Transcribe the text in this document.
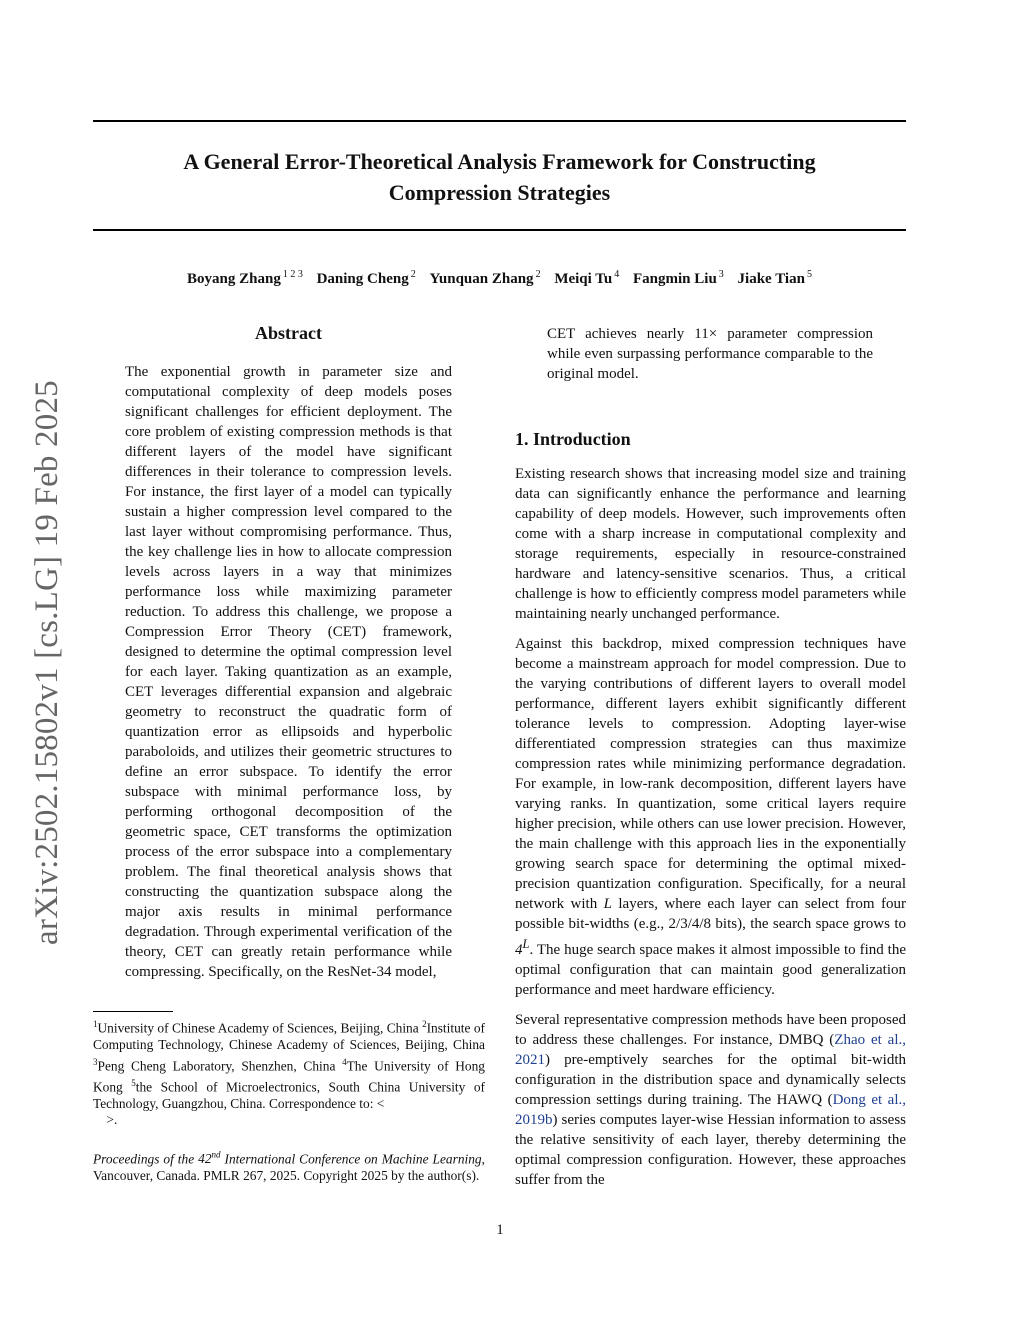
A General Error-Theoretical Analysis Framework for Constructing
Compression Strategies
Boyang Zhang $^{1 2 3}$ Daning Cheng $^2$ Yunquan Zhang $^2$ Meiqi Tu $^4$ Fangmin Liu $^3$ Jiake Tian $^5$
arXiv:2502.15802v1 [cs.LG] 19 Feb 2025
Abstract

The exponential growth in parameter size and computational complexity of deep models poses significant challenges for efficient deployment. The core problem of existing compression methods is that different layers of the model have significant differences in their tolerance to compression levels. For instance, the first layer of a model can typically sustain a higher compression level compared to the last layer without compromising performance. Thus, the key challenge lies in how to allocate compression levels across layers in a way that minimizes performance loss while maximizing parameter reduction. To address this challenge, we propose a Compression Error Theory (CET) framework, designed to determine the optimal compression level for each layer. Taking quantization as an example, CET leverages differential expansion and algebraic geometry to reconstruct the quadratic form of quantization error as ellipsoids and hyperbolic paraboloids, and utilizes their geometric structures to define an error subspace. To identify the error subspace with minimal performance loss, by performing orthogonal decomposition of the geometric space, CET transforms the optimization process of the error subspace into a complementary problem. The final theoretical analysis shows that constructing the quantization subspace along the major axis results in minimal performance degradation. Through experimental verification of the theory, CET can greatly retain performance while compressing. Specifically, on the ResNet-34 model,

CET achieves nearly 11× parameter compression while even surpassing performance comparable to the original model.

1. Introduction

Existing research shows that increasing model size and training data can significantly enhance the performance and learning capability of deep models. However, such improvements often come with a sharp increase in computational complexity and storage requirements, especially in resource-constrained hardware and latency-sensitive scenarios. Thus, a critical challenge is how to efficiently compress model parameters while maintaining nearly unchanged performance.

Against this backdrop, mixed compression techniques have become a mainstream approach for model compression. Due to the varying contributions of different layers to overall model performance, different layers exhibit significantly different tolerance levels to compression. Adopting layer-wise differentiated compression strategies can thus maximize compression rates while minimizing performance degradation. For example, in low-rank decomposition, different layers have varying ranks. In quantization, some critical layers require higher precision, while others can use lower precision. However, the main challenge with this approach lies in the exponentially growing search space for determining the optimal mixed-precision quantization configuration. Specifically, for a neural network with L layers, where each layer can select from four possible bit-widths (e.g., 2/3/4/8 bits), the search space grows to $4^L$. The huge search space makes it almost impossible to find the optimal configuration that can maintain good generalization performance and meet hardware efficiency.

Several representative compression methods have been proposed to address these challenges. For instance, DMBQ (Zhao et al., 2021) pre-emptively searches for the optimal bit-width configuration in the distribution space and dynamically selects compression settings during training. The HAWQ (Dong et al., 2019b) series computes layer-wise Hessian information to assess the relative sensitivity of each layer, thereby determining the optimal compression configuration. However, these approaches suffer from the

$^1$University of Chinese Academy of Sciences, Beijing, China $^2$Institute of Computing Technology, Chinese Academy of Sciences, Beijing, China $^3$Peng Cheng Laboratory, Shenzhen, China $^4$The University of Hong Kong $^5$the School of Microelectronics, South China University of Technology, Guangzhou, China. Correspondence to: <
>.

Proceedings of the 42nd International Conference on Machine Learning, Vancouver, Canada. PMLR 267, 2025. Copyright 2025 by the author(s).

1
